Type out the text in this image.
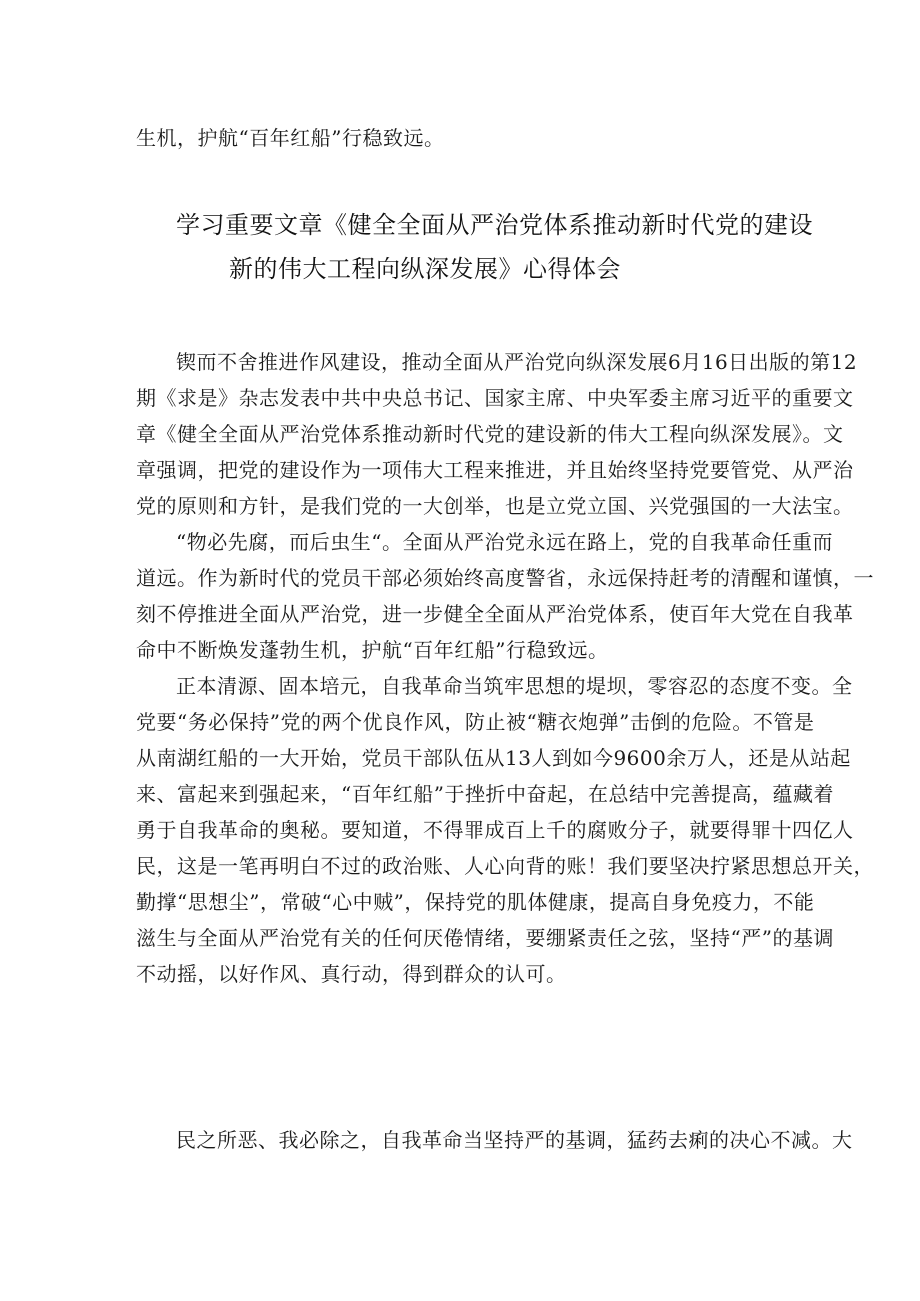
生机，护航“百年红船”行稳致远。
学习重要文章《健全全面从严治党体系推动新时代党的建设
新的伟大工程向纵深发展》心得体会
锲而不舍推进作风建设，推动全面从严治党向纵深发展6月16日出版的第12
期《求是》杂志发表中共中央总书记、国家主席、中央军委主席习近平的重要文
章《健全全面从严治党体系推动新时代党的建设新的伟大工程向纵深发展》。文
章强调，把党的建设作为一项伟大工程来推进，并且始终坚持党要管党、从严治
党的原则和方针，是我们党的一大创举，也是立党立国、兴党强国的一大法宝。
“物必先腐，而后虫生“。全面从严治党永远在路上，党的自我革命任重而
道远。作为新时代的党员干部必须始终高度警省，永远保持赶考的清醒和谨慎，一
刻不停推进全面从严治党，进一步健全全面从严治党体系，使百年大党在自我革
命中不断焕发蓬勃生机，护航“百年红船”行稳致远。
正本清源、固本培元，自我革命当筑牢思想的堤坝，零容忍的态度不变。全
党要“务必保持”党的两个优良作风，防止被“糖衣炮弹”击倒的危险。不管是
从南湖红船的一大开始，党员干部队伍从13人到如今9600余万人，还是从站起
来、富起来到强起来，“百年红船”于挫折中奋起，在总结中完善提高，蕴藏着
勇于自我革命的奥秘。要知道，不得罪成百上千的腐败分子，就要得罪十四亿人
民，这是一笔再明白不过的政治账、人心向背的账！我们要坚决拧紧思想总开关，
勤撑“思想尘”，常破“心中贼”，保持党的肌体健康，提高自身免疫力，不能
滋生与全面从严治党有关的任何厌倦情绪，要绷紧责任之弦，坚持“严”的基调
不动摇，以好作风、真行动，得到群众的认可。
民之所恶、我必除之，自我革命当坚持严的基调，猛药去痢的决心不减。大
